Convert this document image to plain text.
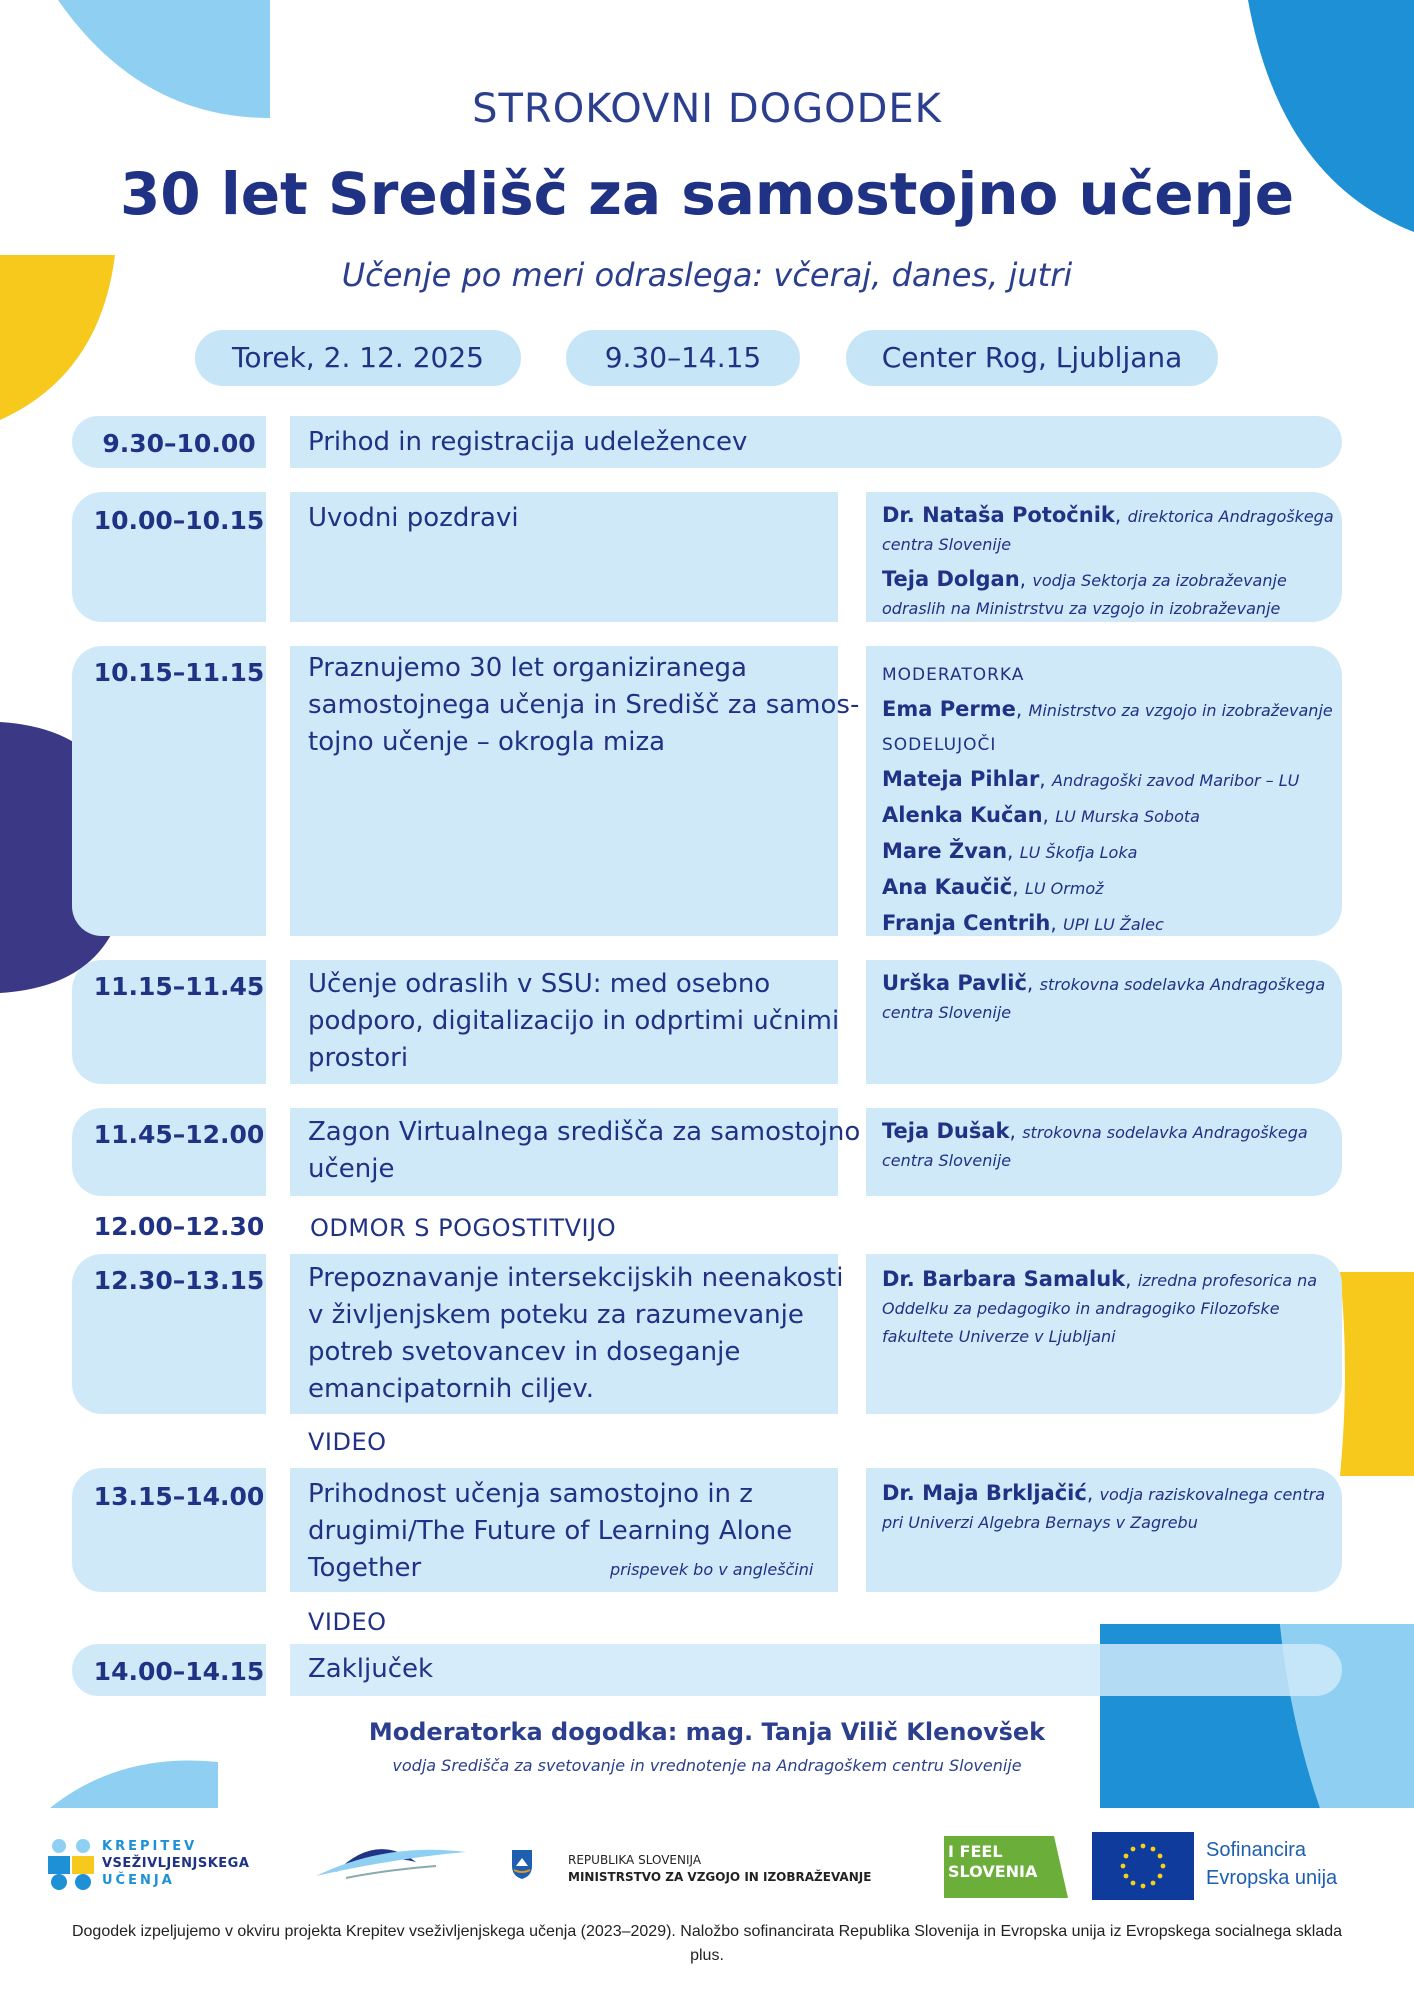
STROKOVNI DOGODEK
30 let Središč za samostojno učenje
Učenje po meri odraslega: včeraj, danes, jutri
Torek, 2. 12. 2025	9.30–14.15	Center Rog, Ljubljana
9.30–10.00	Prihod in registracija udeležencev
10.00–10.15 Uvodni pozdravi	Dr. Nataša Potočnik, direktorica Andragoškega centra Slovenije
Teja Dolgan, vodja Sektorja za izobraževanje odraslih na Ministrstvu za vzgojo in izobraževanje
10.15–11.15 Praznujemo 30 let organiziranega
samostojnega učenja in Središč za samos-
tojno učenje – okrogla miza
MODERATORKA
Ema Perme, Ministrstvo za vzgojo in izobraževanje
SODELUJOČI
Mateja Pihlar, Andragoški zavod Maribor – LU
Alenka Kučan, LU Murska Sobota
Mare Žvan, LU Škofja Loka
Ana Kaučič, LU Ormož
Franja Centrih, UPI LU Žalec
11.15–11.45 Učenje odraslih v SSU: med osebno
podporo, digitalizacijo in odprtimi učnimi
prostori
Urška Pavlič, strokovna sodelavka Andragoškega centra Slovenije
11.45–12.00 Zagon Virtualnega središča za samostojno
učenje
Teja Dušak, strokovna sodelavka Andragoškega centra Slovenije
12.00–12.30	ODMOR S POGOSTITVIJO
12.30–13.15 Prepoznavanje intersekcijskih neenakosti
v življenjskem poteku za razumevanje
potreb svetovancev in doseganje
emancipatornih ciljev.
Dr. Barbara Samaluk, izredna profesorica na Oddelku za pedagogiko in andragogiko Filozofske fakultete Univerze v Ljubljani
VIDEO
13.15–14.00 Prihodnost učenja samostojno in z
drugimi/The Future of Learning Alone
Together	prispevek bo v angleščini
Dr. Maja Brkljačić, vodja raziskovalnega centra pri Univerzi Algebra Bernays v Zagrebu
VIDEO
14.00–14.15 Zaključek
Moderatorka dogodka: mag. Tanja Vilič Klenovšek
vodja Središča za svetovanje in vrednotenje na Andragoškem centru Slovenije
KREPITEV
VSEŽIVLJENJSKEGA
UČENJA
REPUBLIKA SLOVENIJA
MINISTRSTVO ZA VZGOJO IN IZOBRAŽEVANJE
I FEEL
SLOVENIA
Sofinancira
Evropska unija
Dogodek izpeljujemo v okviru projekta Krepitev vseživljenjskega učenja (2023–2029). Naložbo sofinancirata Republika Slovenija in Evropska unija iz Evropskega socialnega sklada plus.
